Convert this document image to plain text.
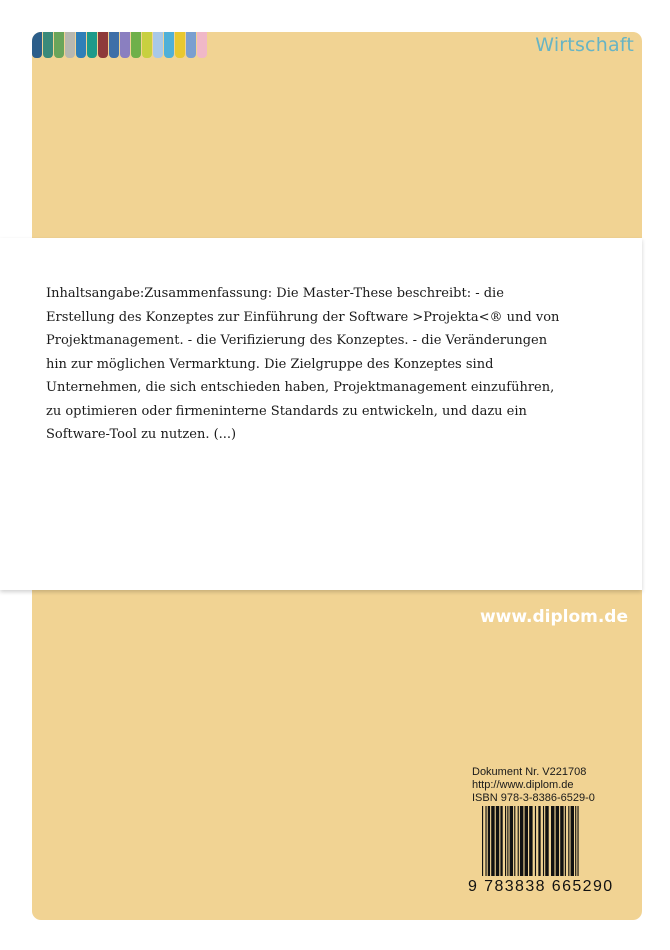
Wirtschaft

Inhaltsangabe:Zusammenfassung: Die Master-These beschreibt: - die Erstellung des Konzeptes zur Einführung der Software >Projekta<® und von Projektmanagement. - die Verifizierung des Konzeptes. - die Veränderungen hin zur möglichen Vermarktung. Die Zielgruppe des Konzeptes sind Unternehmen, die sich entschieden haben, Projektmanagement einzuführen, zu optimieren oder firmeninterne Standards zu entwickeln, und dazu ein Software-Tool zu nutzen. (...)

www.diplom.de
Dokument Nr. V221708
http://www.diplom.de
ISBN 978-3-8386-6529-0
9 783838 665290
